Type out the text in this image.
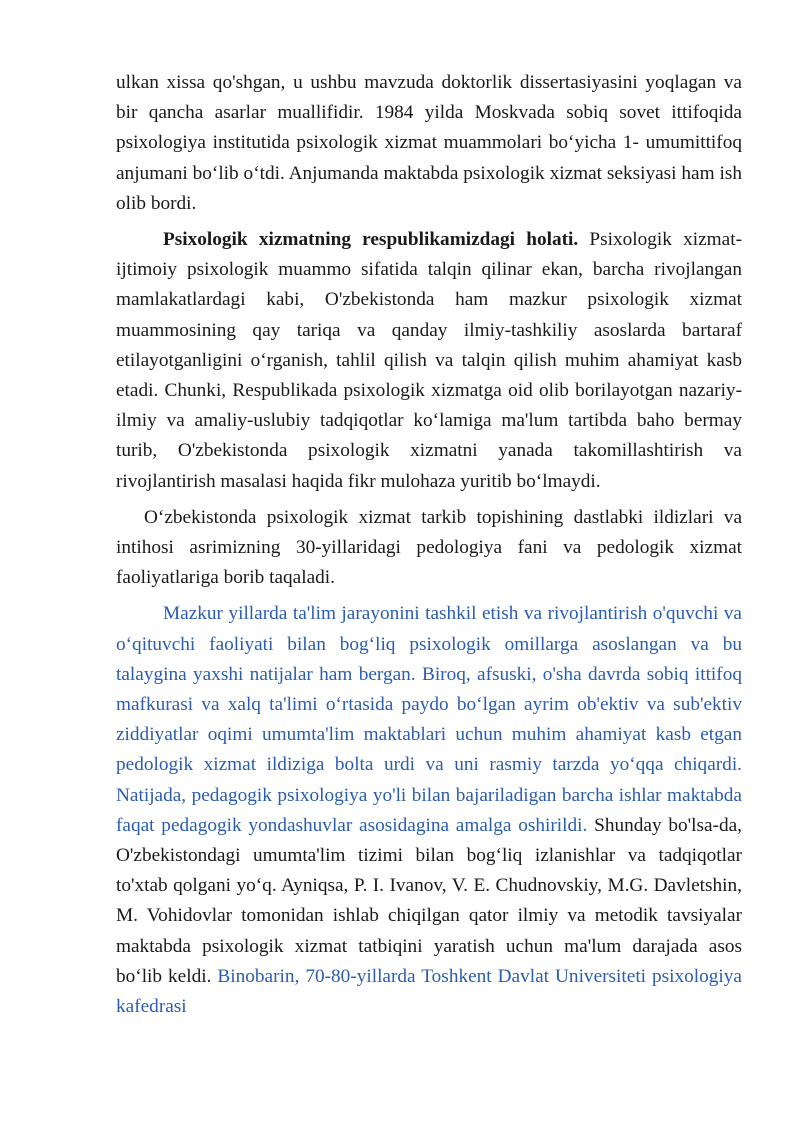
ulkan xissa qo'shgan, u ushbu mavzuda doktorlik dissertasiyasini yoqlagan va bir qancha asarlar muallifidir. 1984 yilda Moskvada sobiq sovet ittifoqida psixologiya institutida psixologik xizmat muammolari bo‘yicha 1- umumittifoq anjumani bo‘lib o‘tdi. Anjumanda maktabda psixologik xizmat seksiyasi ham ish olib bordi.

Psixologik xizmatning respublikamizdagi holati. Psixologik xizmat-ijtimoiy psixologik muammo sifatida talqin qilinar ekan, barcha rivojlangan mamlakatlardagi kabi, O'zbekistonda ham mazkur psixologik xizmat muammosining qay tariqa va qanday ilmiy-tashkiliy asoslarda bartaraf etilayotganligini o‘rganish, tahlil qilish va talqin qilish muhim ahamiyat kasb etadi. Chunki, Respublikada psixologik xizmatga oid olib borilayotgan nazariy-ilmiy va amaliy-uslubiy tadqiqotlar ko‘lamiga ma'lum tartibda baho bermay turib, O'zbekistonda psixologik xizmatni yanada takomillashtirish va rivojlantirish masalasi haqida fikr mulohaza yuritib bo‘lmaydi.

O‘zbekistonda psixologik xizmat tarkib topishining dastlabki ildizlari va intihosi asrimizning 30-yillaridagi pedologiya fani va pedologik xizmat faoliyatlariga borib taqaladi.

Mazkur yillarda ta'lim jarayonini tashkil etish va rivojlantirish o'quvchi va o‘qituvchi faoliyati bilan bog‘liq psixologik omillarga asoslangan va bu talaygina yaxshi natijalar ham bergan. Biroq, afsuski, o'sha davrda sobiq ittifoq mafkurasi va xalq ta'limi o‘rtasida paydo bo‘lgan ayrim ob'ektiv va sub'ektiv ziddiyatlar oqimi umumta'lim maktablari uchun muhim ahamiyat kasb etgan pedologik xizmat ildiziga bolta urdi va uni rasmiy tarzda yo‘qqa chiqardi. Natijada, pedagogik psixologiya yo'li bilan bajariladigan barcha ishlar maktabda faqat pedagogik yondashuvlar asosidagina amalga oshirildi. Shunday bo'lsa-da, O'zbekistondagi umumta'lim tizimi bilan bog‘liq izlanishlar va tadqiqotlar to'xtab qolgani yo‘q. Ayniqsa, P. I. Ivanov, V. E. Chudnovskiy, M.G. Davletshin, M. Vohidovlar tomonidan ishlab chiqilgan qator ilmiy va metodik tavsiyalar maktabda psixologik xizmat tatbiqini yaratish uchun ma'lum darajada asos bo‘lib keldi. Binobarin, 70-80-yillarda Toshkent Davlat Universiteti psixologiya kafedrasi
